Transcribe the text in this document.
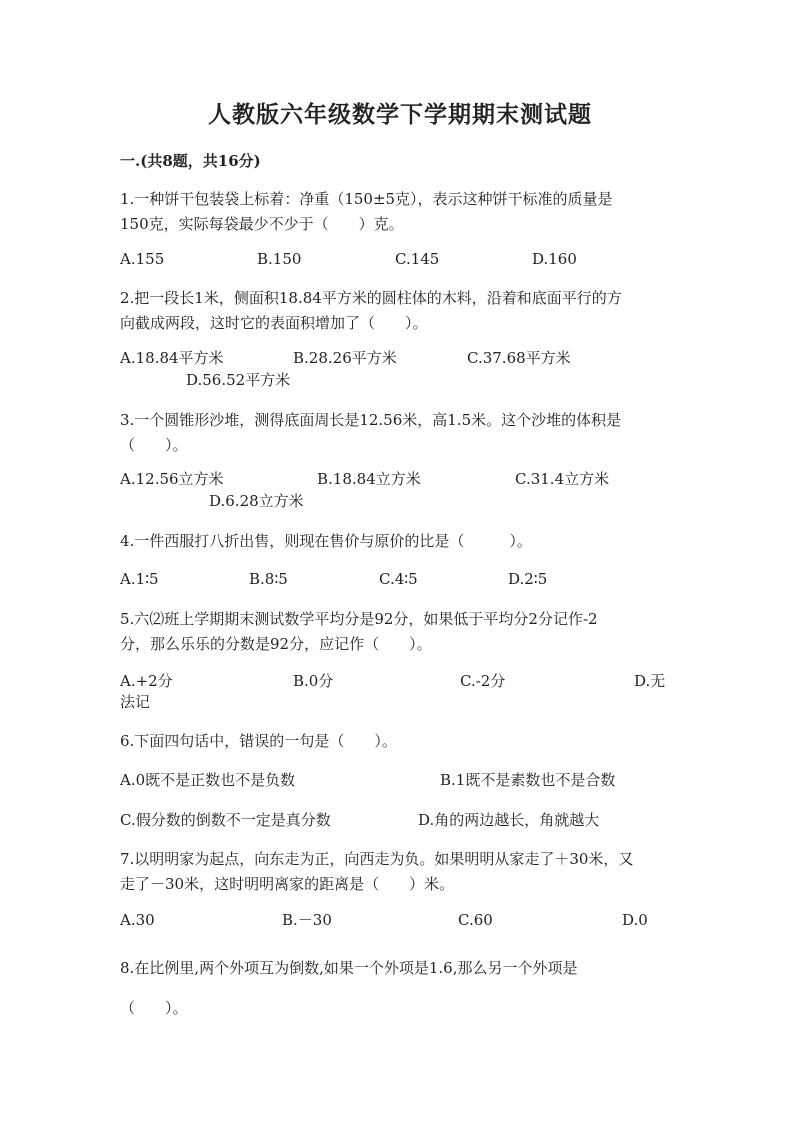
人教版六年级数学下学期期末测试题
一.(共8题，共16分)
1.一种饼干包装袋上标着：净重（150±5克），表示这种饼干标准的质量是
150克，实际每袋最少不少于（　　）克。
A.155	B.150	C.145	D.160
2.把一段长1米，侧面积18.84平方米的圆柱体的木料，沿着和底面平行的方
向截成两段，这时它的表面积增加了（　　）。
A.18.84平方米	B.28.26平方米	C.37.68平方米
D.56.52平方米
3.一个圆锥形沙堆，测得底面周长是12.56米，高1.5米。这个沙堆的体积是
（　　）。
A.12.56立方米	B.18.84立方米	C.31.4立方米
D.6.28立方米
4.一件西服打八折出售，则现在售价与原价的比是（　　　）。
A.1∶5	B.8∶5	C.4∶5	D.2∶5
5.六⑵班上学期期末测试数学平均分是92分，如果低于平均分2分记作-2
分，那么乐乐的分数是92分，应记作（　　）。
A.+2分	B.0分	C.-2分	D.无
法记
6.下面四句话中，错误的一句是（　　）。
A.0既不是正数也不是负数	B.1既不是素数也不是合数
C.假分数的倒数不一定是真分数	D.角的两边越长，角就越大
7.以明明家为起点，向东走为正，向西走为负。如果明明从家走了＋30米，又
走了－30米，这时明明离家的距离是（　　）米。
A.30	B.－30	C.60	D.0
8.在比例里,两个外项互为倒数,如果一个外项是1.6,那么另一个外项是
（　　）。
